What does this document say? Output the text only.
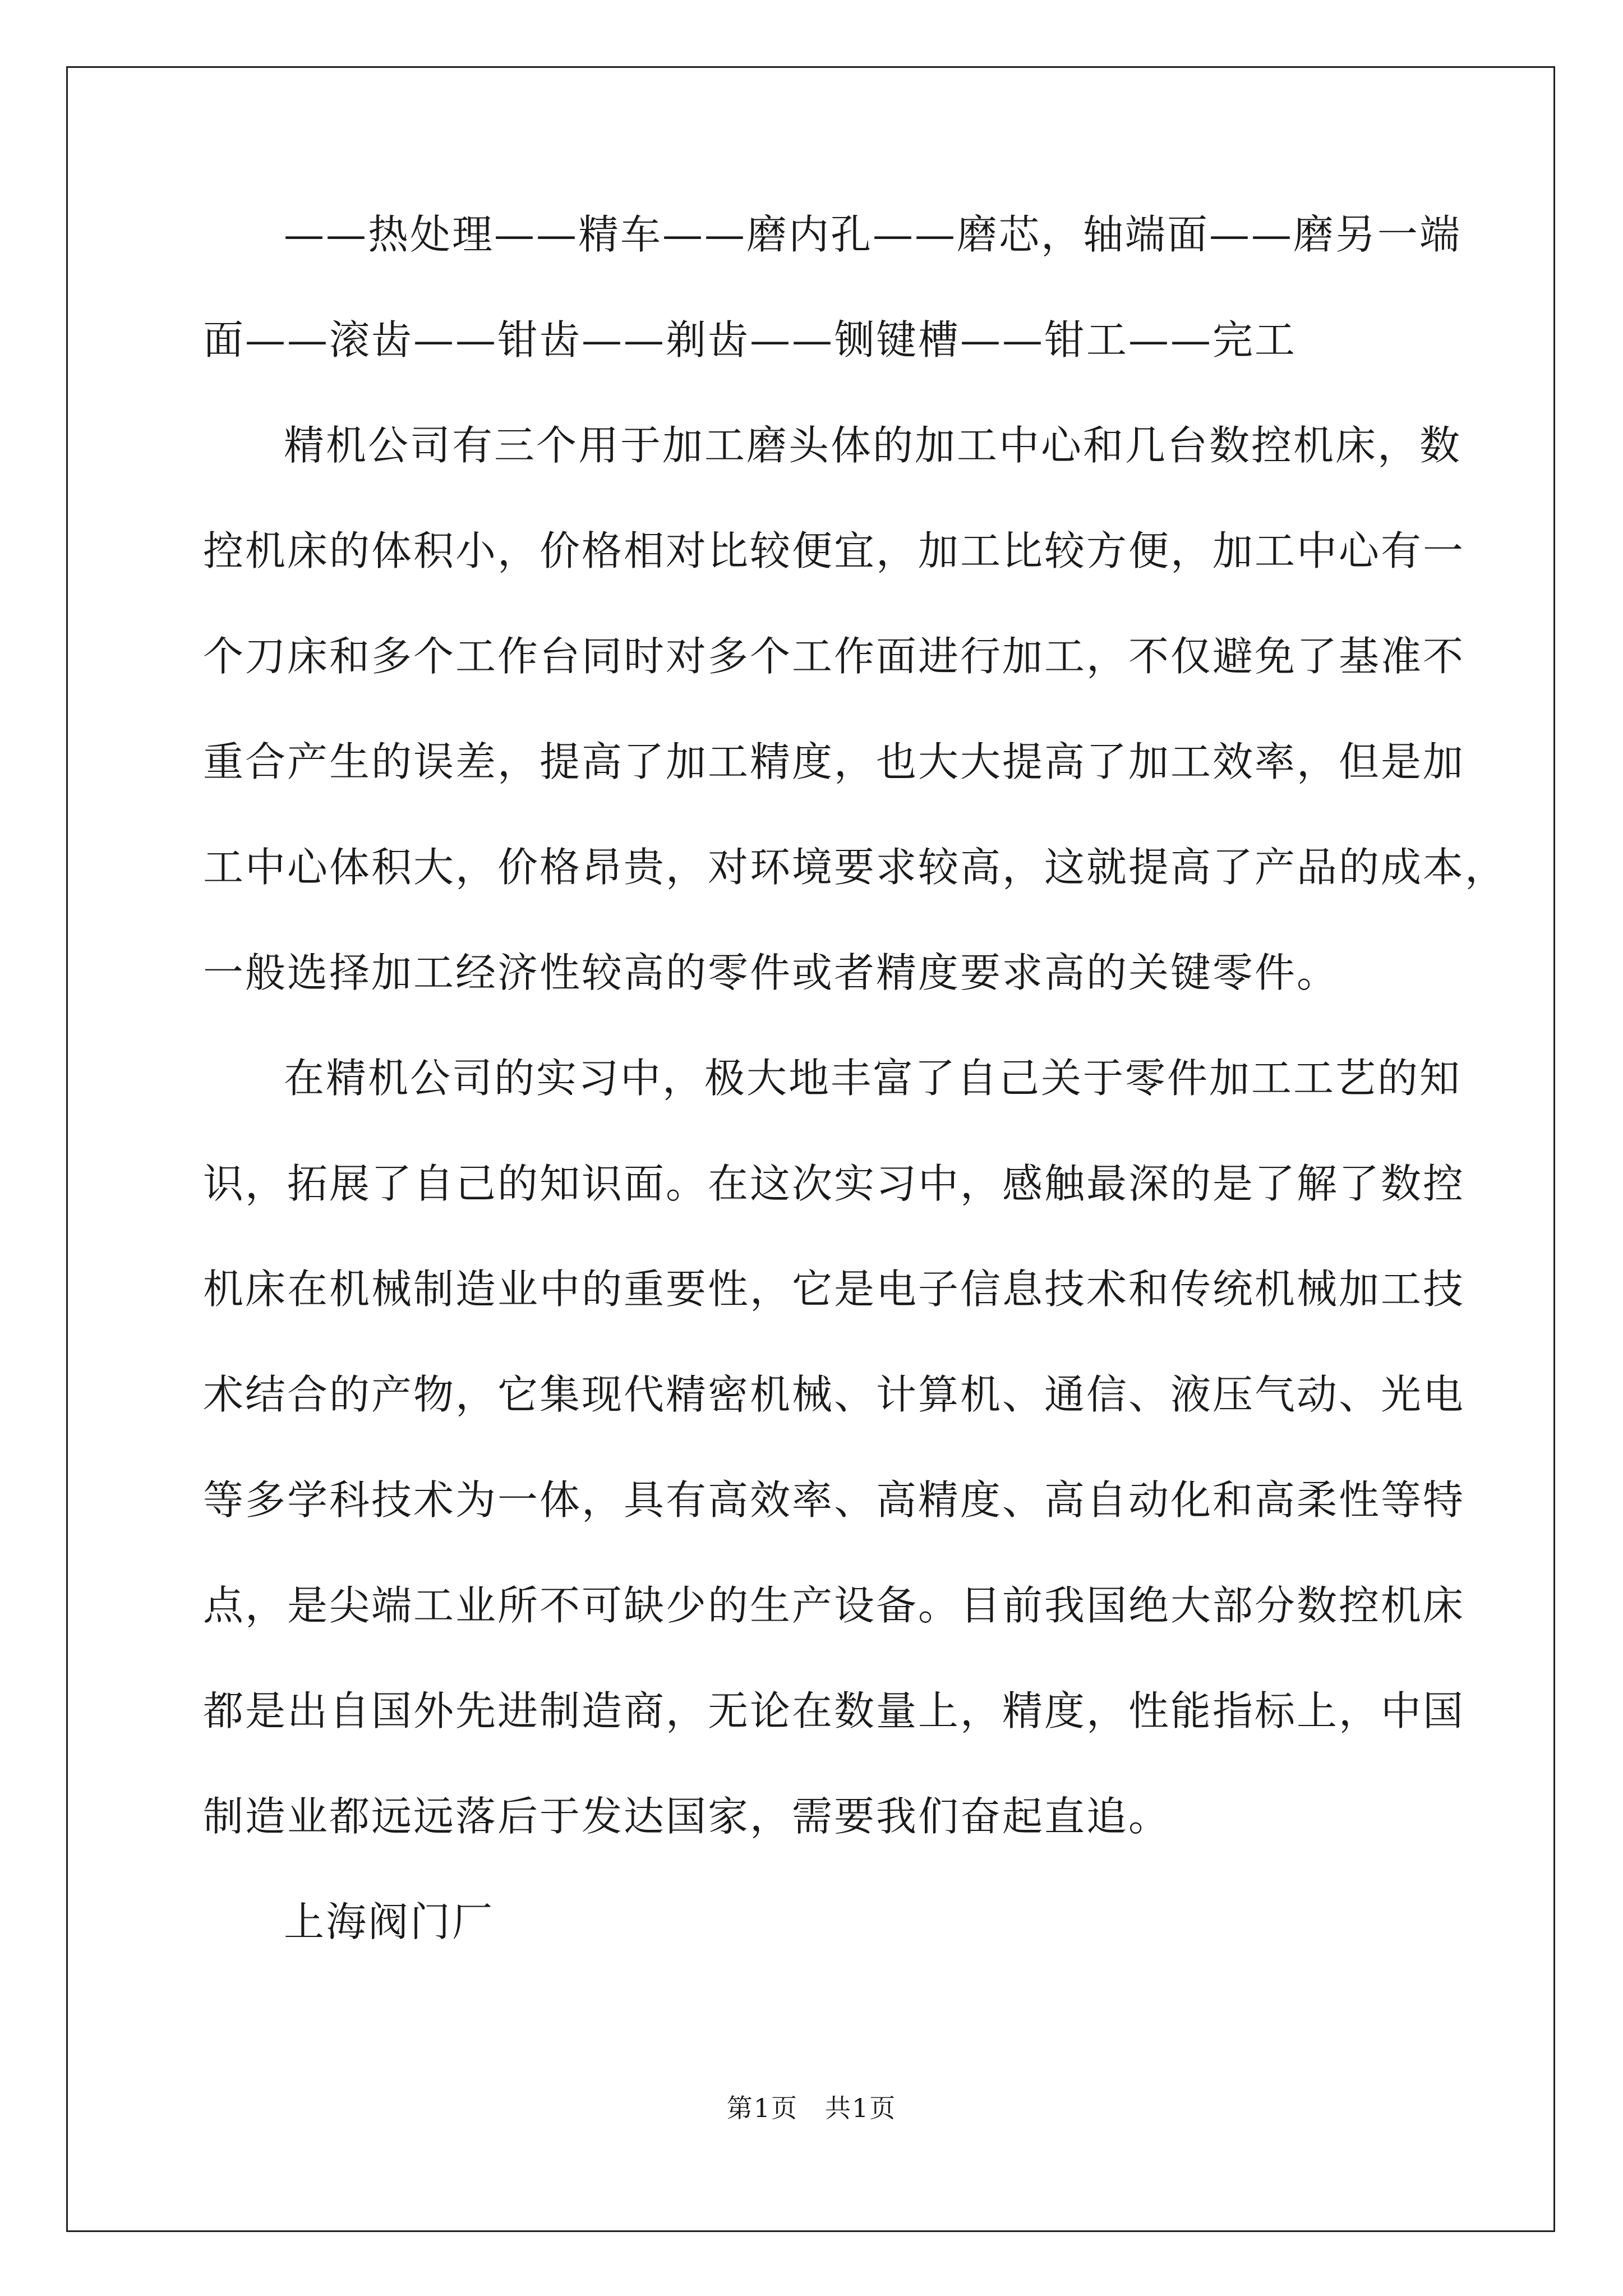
——热处理——精车——磨内孔——磨芯，轴端面——磨另一端
面——滚齿——钳齿——剃齿——铡键槽——钳工——完工
精机公司有三个用于加工磨头体的加工中心和几台数控机床，数
控机床的体积小，价格相对比较便宜，加工比较方便，加工中心有一
个刀床和多个工作台同时对多个工作面进行加工，不仅避免了基准不
重合产生的误差，提高了加工精度，也大大提高了加工效率，但是加
工中心体积大，价格昂贵，对环境要求较高，这就提高了产品的成本，
一般选择加工经济性较高的零件或者精度要求高的关键零件。
在精机公司的实习中，极大地丰富了自己关于零件加工工艺的知
识，拓展了自己的知识面。在这次实习中，感触最深的是了解了数控
机床在机械制造业中的重要性，它是电子信息技术和传统机械加工技
术结合的产物，它集现代精密机械、计算机、通信、液压气动、光电
等多学科技术为一体，具有高效率、高精度、高自动化和高柔性等特
点，是尖端工业所不可缺少的生产设备。目前我国绝大部分数控机床
都是出自国外先进制造商，无论在数量上，精度，性能指标上，中国
制造业都远远落后于发达国家，需要我们奋起直追。
上海阀门厂
第1页　共1页
